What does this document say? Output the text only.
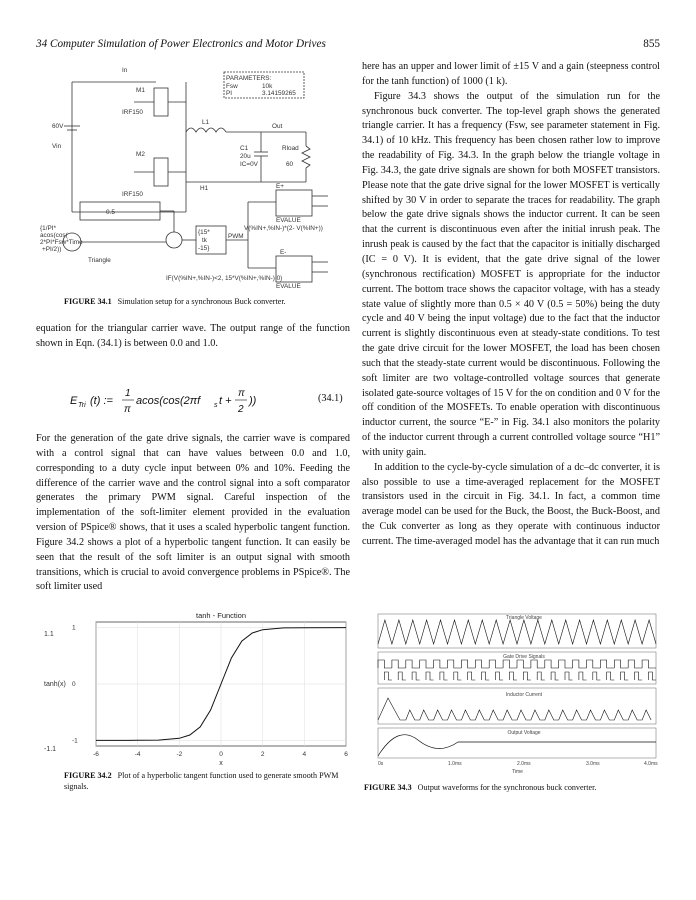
34 Computer Simulation of Power Electronics and Motor Drives	855
In
PARAMETERS:
Fsw	10k
PI	3.14159265
M1
IRF150
L1
Out
60V
Vin
M2
IRF150
C1
20u
IC=0V
Rload
60
H1
0.5
{15*
tk
-15}
PWM
Triangle
{1/PI*
acos(cos(
2*PI*Fsw*Time
+PI/2))
E+
EVALUE
V(%IN+,%IN-)*(2- V(%IN+))
E-
EVALUE
IF(V(%IN+,%IN-)<2, 15*V(%IN+,%IN-) 0)
FIGURE 34.1 Simulation setup for a synchronous Buck converter.

equation for the triangular carrier wave. The output range of the function shown in Eqn. (34.1) is between 0.0 and 1.0.

E Tri (t) :=
1
π
acos(cos(2πf s t +
π
2
))	(34.1)

For the generation of the gate drive signals, the carrier wave is compared with a control signal that can have values between 0.0 and 1.0, corresponding to a duty cycle input between 0% and 10%. Feeding the difference of the carrier wave and the control signal into a soft comparator generates the primary PWM signal. Careful inspection of the implementation of the soft-limiter element provided in the evaluation version of PSpice® shows, that it uses a scaled hyperbolic tangent function. Figure 34.2 shows a plot of a hyperbolic tangent function. It can easily be seen that the result of the soft limiter is an output signal with smooth transitions, which is crucial to avoid convergence problems in PSpice®. The soft limiter used

here has an upper and lower limit of ±15 V and a gain (steepness control for the tanh function) of 1000 (1 k).

Figure 34.3 shows the output of the simulation run for the synchronous buck converter. The top-level graph shows the generated triangle carrier. It has a frequency (Fsw, see parameter statement in Fig. 34.1) of 10 kHz. This frequency has been chosen rather low to improve the readability of Fig. 34.3. In the graph below the triangle voltage in Fig. 34.3, the gate drive signals are shown for both MOSFET transistors. Please note that the gate drive signal for the lower MOSFET is vertically shifted by 30 V in order to separate the traces for readability. The graph below the gate drive signals shows the inductor current. It can be seen that the current is discontinuous even after the initial inrush peak. The inrush peak is caused by the fact that the capacitor is initially discharged (IC = 0 V). It is evident, that the gate drive signal of the lower (synchronous rectification) MOSFET is appropriate for the inductor current. The bottom trace shows the capacitor voltage, with has a steady state value of slightly more than 0.5 × 40 V (0.5 = 50%) being the duty cycle and 40 V being the input voltage) due to the fact that the inductor current is slightly discontinuous even at steady-state conditions. To test the gate drive circuit for the lower MOSFET, the load has been chosen such that the steady-state current would be discontinuous. Following the soft limiter are two voltage-controlled voltage sources that generate isolated gate-source voltages of 15 V for the on condition and 0 V for the off condition of the MOSFETs. To enable operation with discontinuous inductor current, the source “E-” in Fig. 34.1 also monitors the polarity of the inductor current through a current controlled voltage source “H1” with unity gain.

In addition to the cycle-by-cycle simulation of a dc–dc converter, it is also possible to use a time-averaged replacement for the MOSFET transistors used in the circuit in Fig. 34.1. In fact, a common time average model can be used for the Buck, the Boost, the Buck-Boost, and the Cuk converter as long as they operate with continuous inductor current. The time-averaged model has the advantage that it can run much

tanh - Function
1.1
-1.1
tanh(x)
x
-6	-4	-2	0	2	4	6
1
0
-1
FIGURE 34.2 Plot of a hyperbolic tangent function used to generate smooth PWM signals.
Triangle Voltage
Gate Drive Signals
Inductor Current
Output Voltage
0s	1.0ms	2.0ms	3.0ms	4.0ms
Time
FIGURE 34.3 Output waveforms for the synchronous buck converter.
